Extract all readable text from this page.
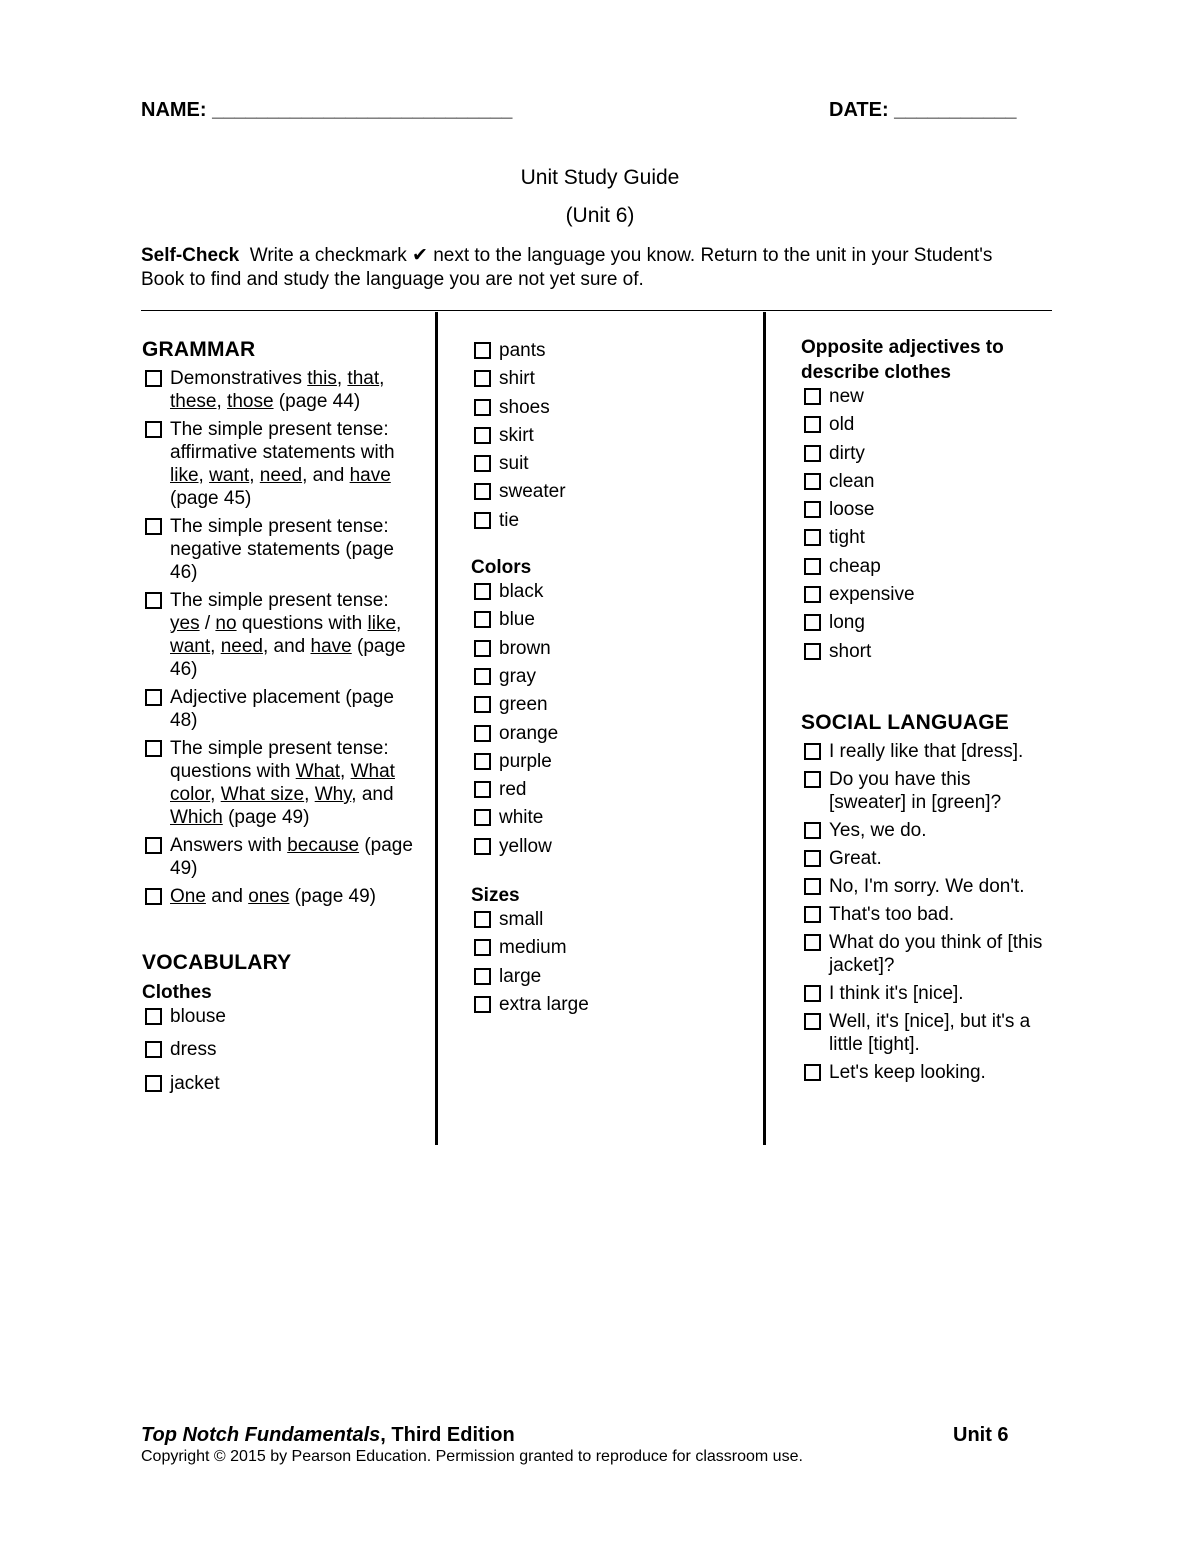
NAME: ___________________________	DATE: ___________
Unit Study Guide
(Unit 6)
Self-Check Write a checkmark ✔ next to the language you know. Return to the unit in your Student's Book to find and study the language you are not yet sure of.
GRAMMAR
Demonstratives this, that, these, those (page 44)
The simple present tense: affirmative statements with like, want, need, and have (page 45)
The simple present tense: negative statements (page 46)
The simple present tense: yes / no questions with like, want, need, and have (page 46)
Adjective placement (page 48)
The simple present tense: questions with What, What color, What size, Why, and Which (page 49)
Answers with because (page 49)
One and ones (page 49)
VOCABULARY
Clothes
blouse
dress
jacket
pants
shirt
shoes
skirt
suit
sweater
tie
Colors
black
blue
brown
gray
green
orange
purple
red
white
yellow
Sizes
small
medium
large
extra large
Opposite adjectives to describe clothes
new
old
dirty
clean
loose
tight
cheap
expensive
long
short
SOCIAL LANGUAGE
I really like that [dress].
Do you have this [sweater] in [green]?
Yes, we do.
Great.
No, I'm sorry. We don't.
That's too bad.
What do you think of [this jacket]?
I think it's [nice].
Well, it's [nice], but it's a little [tight].
Let's keep looking.
Top Notch Fundamentals, Third Edition	Unit 6
Copyright © 2015 by Pearson Education. Permission granted to reproduce for classroom use.
